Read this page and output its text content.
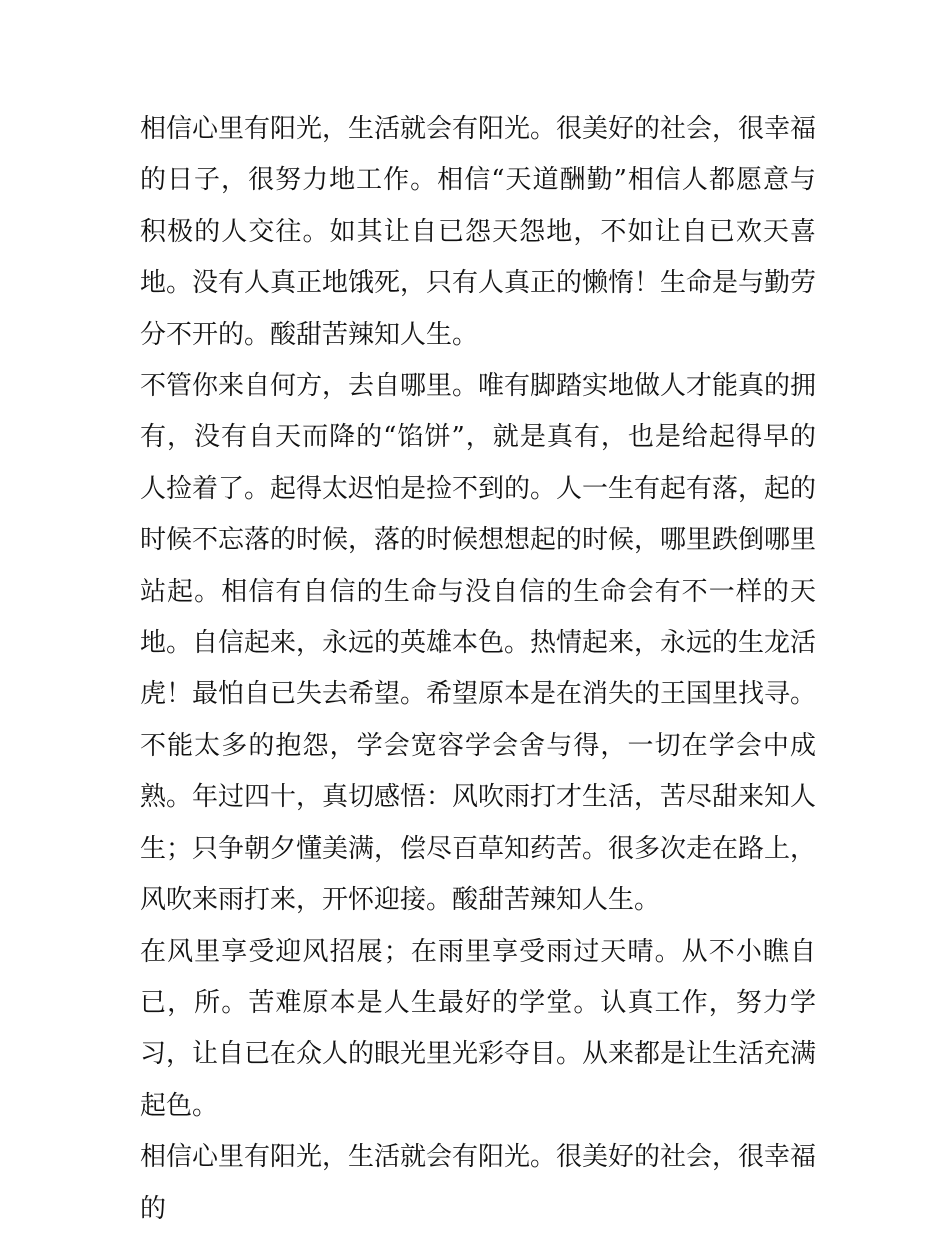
相信心里有阳光，生活就会有阳光。很美好的社会，很幸福的日子，很努力地工作。相信“天道酬勤”相信人都愿意与积极的人交往。如其让自已怨天怨地，不如让自已欢天喜地。没有人真正地饿死，只有人真正的懒惰！生命是与勤劳分不开的。酸甜苦辣知人生。

不管你来自何方，去自哪里。唯有脚踏实地做人才能真的拥有，没有自天而降的“馅饼”，就是真有，也是给起得早的人捡着了。起得太迟怕是捡不到的。人一生有起有落，起的时候不忘落的时候，落的时候想想起的时候，哪里跌倒哪里站起。相信有自信的生命与没自信的生命会有不一样的天地。自信起来，永远的英雄本色。热情起来，永远的生龙活虎！最怕自已失去希望。希望原本是在消失的王国里找寻。不能太多的抱怨，学会宽容学会舍与得，一切在学会中成熟。年过四十，真切感悟：风吹雨打才生活，苦尽甜来知人生；只争朝夕懂美满，偿尽百草知药苦。很多次走在路上，风吹来雨打来，开怀迎接。酸甜苦辣知人生。

在风里享受迎风招展；在雨里享受雨过天晴。从不小瞧自已，所。苦难原本是人生最好的学堂。认真工作，努力学习，让自已在众人的眼光里光彩夺目。从来都是让生活充满起色。

相信心里有阳光，生活就会有阳光。很美好的社会，很幸福的
